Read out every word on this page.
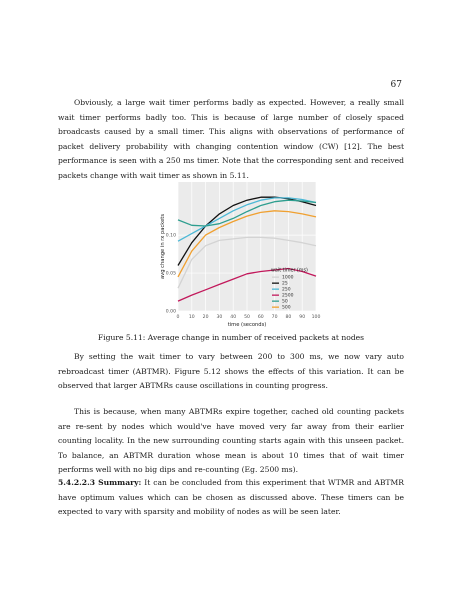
67

Obviously, a large wait timer performs badly as expected. However, a really small wait timer performs badly too. This is because of large number of closely spaced broadcasts caused by a small timer. This aligns with observations of performance of packet delivery probability with changing contention window (CW) [12]. The best performance is seen with a 250 ms timer. Note that the corresponding sent and received packets change with wait timer as shown in 5.11.

0 10 20 30 40 50 60 70 80 90 100
0.00
0.05
0.10
time (seconds)
avg change in rx packets	wait timer (ms)
1000
25
250
2500
50
500

Figure 5.11: Average change in number of received packets at nodes

By setting the wait timer to vary between 200 to 300 ms, we now vary auto rebroadcast timer (ABTMR). Figure 5.12 shows the effects of this variation. It can be observed that larger ABTMRs cause oscillations in counting progress.

This is because, when many ABTMRs expire together, cached old counting packets are re-sent by nodes which would've have moved very far away from their earlier counting locality. In the new surrounding counting starts again with this unseen packet. To balance, an ABTMR duration whose mean is about 10 times that of wait timer performs well with no big dips and re-counting (Eg. 2500 ms).

5.4.2.2.3 Summary: It can be concluded from this experiment that WTMR and ABTMR have optimum values which can be chosen as discussed above. These timers can be expected to vary with sparsity and mobility of nodes as will be seen later.
